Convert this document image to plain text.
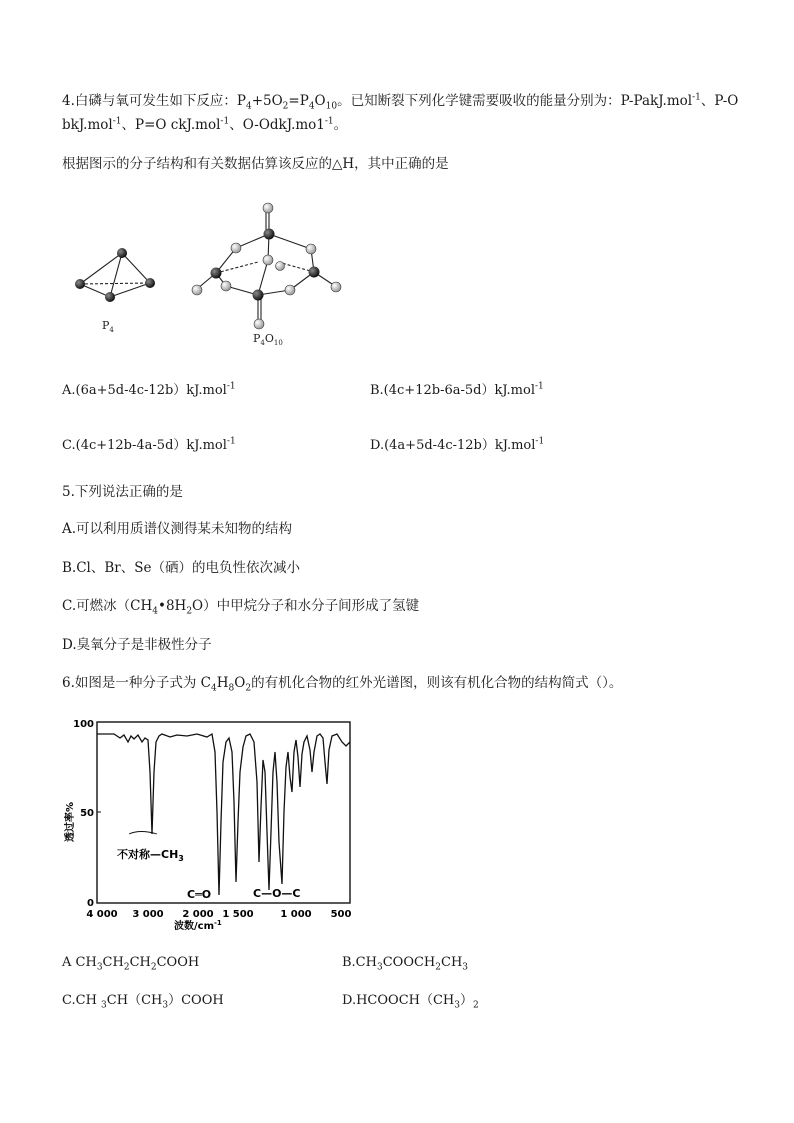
4.白磷与氧可发生如下反应：$P_4+5O_2=P_4O_{10}$。已知断裂下列化学键需要吸收的能量分别为：P-PakJ.mol$^{-1}$、P-O
bkJ.mol$^{-1}$、P=O ckJ.mol$^{-1}$、$O-OdkJ.mo1^{-1}$。
根据图示的分子结构和有关数据估算该反应的△H，其中正确的是
$P_4$
$P_4O_{10}$
A.(6a+5d-4c-12b）kJ.mol$^{-1}$	B.(4c+12b-6a-5d）kJ.mol$^{-1}$
C.(4c+12b-4a-5d）kJ.mol$^{-1}$	D.(4a+5d-4c-12b）kJ.mol$^{-1}$
5.下列说法正确的是
A.可以利用质谱仪测得某未知物的结构
B.Cl、Br、Se（硒）的电负性依次减小
C.可燃冰$(CH_4•8H_2O)$中甲烷分子和水分子间形成了氢键
D.臭氧分子是非极性分子
6.如图是一种分子式为 $C_4H_8O_2$的有机化合物的红外光谱图，则该有机化合物的结构简式（）。
100
50
0
透过率%
不对称$—CH_3$
C═O	C—O—C
4 000 3 000 2 000 1 500	1 000 500
波数$/cm^{-1}$
A $CH_3CH_2CH_2COOH$	$B.CH_3COOCH_2CH_3$
C.CH $_3CH(CH_3)COOH$	$D.HCOOCH(CH_3)_2$
